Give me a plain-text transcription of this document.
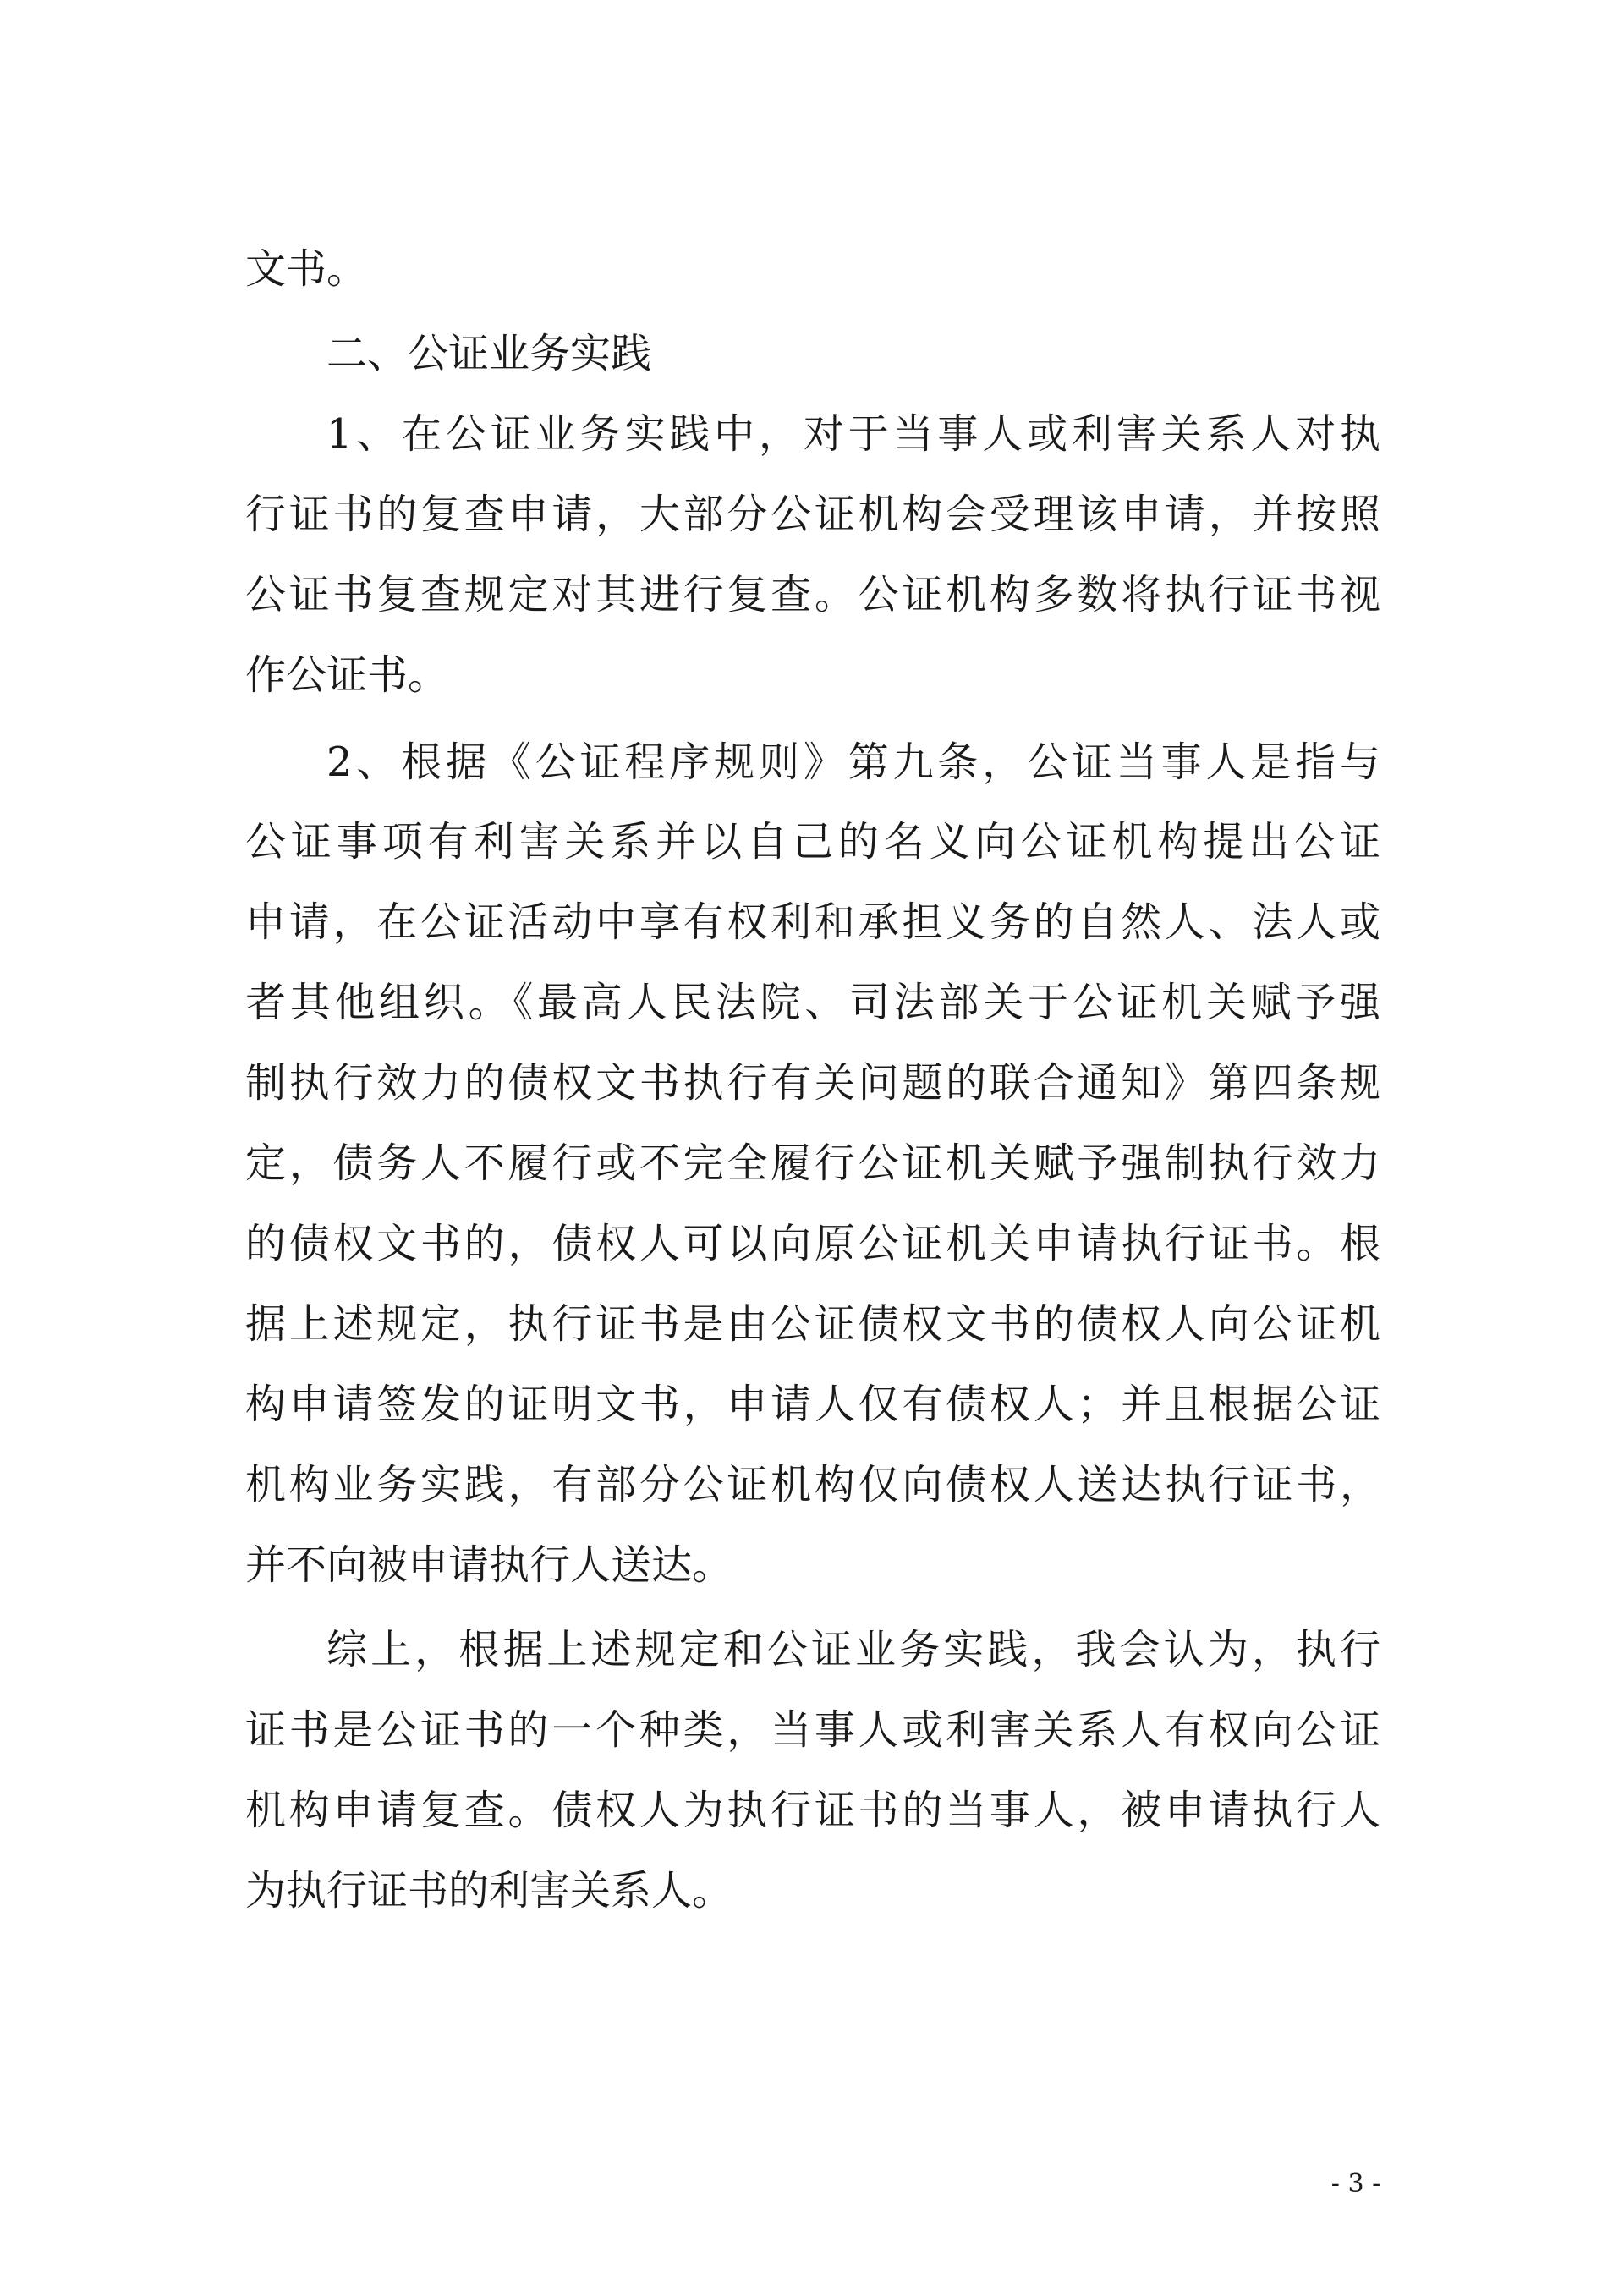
文书。
二、公证业务实践
1、在公证业务实践中，对于当事人或利害关系人对执
行证书的复查申请，大部分公证机构会受理该申请，并按照
公证书复查规定对其进行复查。公证机构多数将执行证书视
作公证书。
2、根据《公证程序规则》第九条，公证当事人是指与
公证事项有利害关系并以自己的名义向公证机构提出公证
申请，在公证活动中享有权利和承担义务的自然人、法人或
者其他组织。《最高人民法院、司法部关于公证机关赋予强
制执行效力的债权文书执行有关问题的联合通知》第四条规
定，债务人不履行或不完全履行公证机关赋予强制执行效力
的债权文书的，债权人可以向原公证机关申请执行证书。根
据上述规定，执行证书是由公证债权文书的债权人向公证机
构申请签发的证明文书，申请人仅有债权人；并且根据公证
机构业务实践，有部分公证机构仅向债权人送达执行证书，
并不向被申请执行人送达。
综上，根据上述规定和公证业务实践，我会认为，执行
证书是公证书的一个种类，当事人或利害关系人有权向公证
机构申请复查。债权人为执行证书的当事人，被申请执行人
为执行证书的利害关系人。
- 3 -
